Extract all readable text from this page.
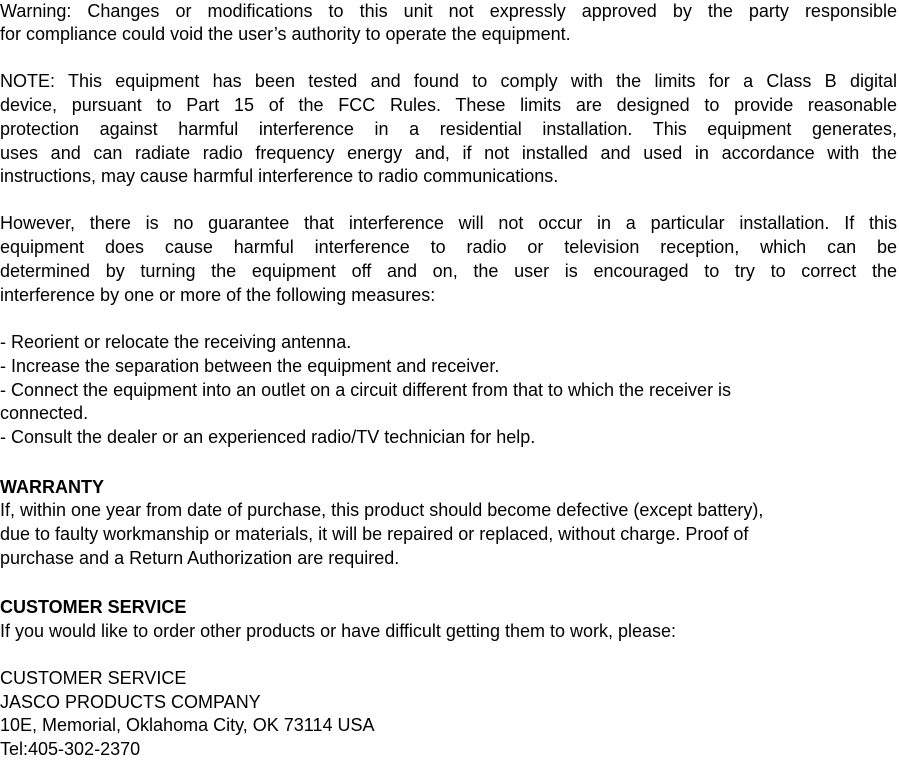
Warning: Changes or modifications to this unit not expressly approved by the party responsible
for compliance could void the user’s authority to operate the equipment.
NOTE: This equipment has been tested and found to comply with the limits for a Class B digital
device, pursuant to Part 15 of the FCC Rules. These limits are designed to provide reasonable
protection against harmful interference in a residential installation. This equipment generates,
uses and can radiate radio frequency energy and, if not installed and used in accordance with the
instructions, may cause harmful interference to radio communications.
However, there is no guarantee that interference will not occur in a particular installation. If this
equipment does cause harmful interference to radio or television reception, which can be
determined by turning the equipment off and on, the user is encouraged to try to correct the
interference by one or more of the following measures:
- Reorient or relocate the receiving antenna.
- Increase the separation between the equipment and receiver.
- Connect the equipment into an outlet on a circuit different from that to which the receiver is
connected.
- Consult the dealer or an experienced radio/TV technician for help.
WARRANTY
If, within one year from date of purchase, this product should become defective (except battery),
due to faulty workmanship or materials, it will be repaired or replaced, without charge. Proof of
purchase and a Return Authorization are required.
CUSTOMER SERVICE
If you would like to order other products or have difficult getting them to work, please:
CUSTOMER SERVICE
JASCO PRODUCTS COMPANY
10E, Memorial, Oklahoma City, OK 73114 USA
Tel:405-302-2370
